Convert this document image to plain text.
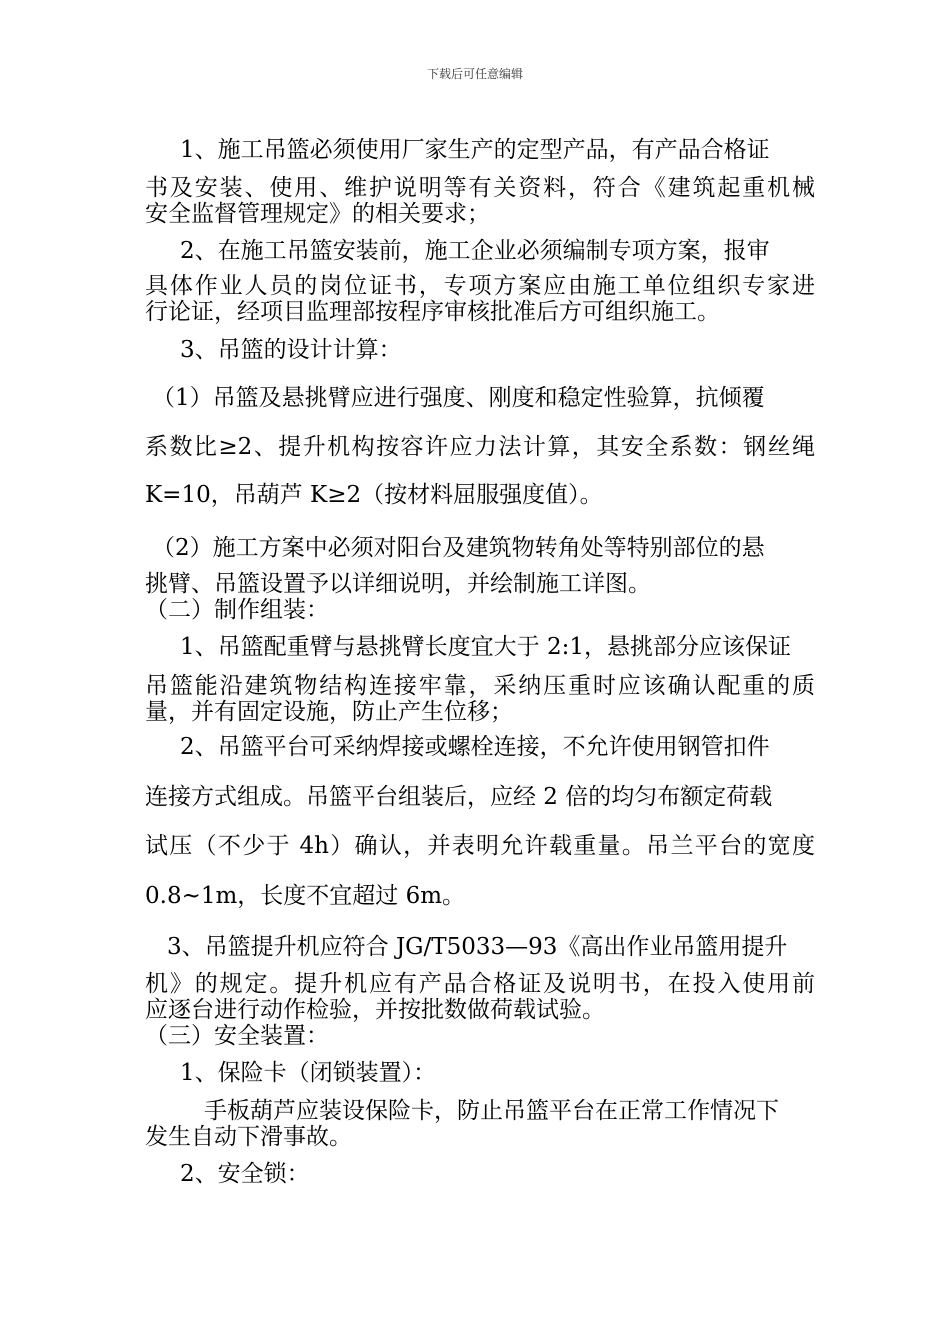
下载后可任意编辑
1、施工吊篮必须使用厂家生产的定型产品，有产品合格证
书及安装、使用、维护说明等有关资料，符合《建筑起重机械
安全监督管理规定》的相关要求；
2、在施工吊篮安装前，施工企业必须编制专项方案，报审
具体作业人员的岗位证书，专项方案应由施工单位组织专家进
行论证，经项目监理部按程序审核批准后方可组织施工。
3、吊篮的设计计算：
（1）吊篮及悬挑臂应进行强度、刚度和稳定性验算，抗倾覆
系数比≥2、提升机构按容许应力法计算，其安全系数：钢丝绳
K=10，吊葫芦 K≥2（按材料屈服强度值）。
（2）施工方案中必须对阳台及建筑物转角处等特别部位的悬
挑臂、吊篮设置予以详细说明，并绘制施工详图。
（二）制作组装：
1、吊篮配重臂与悬挑臂长度宜大于 2:1，悬挑部分应该保证
吊篮能沿建筑物结构连接牢靠，采纳压重时应该确认配重的质
量，并有固定设施，防止产生位移；
2、吊篮平台可采纳焊接或螺栓连接，不允许使用钢管扣件
连接方式组成。吊篮平台组装后，应经 2 倍的均匀布额定荷载
试压（不少于 4h）确认，并表明允许载重量。吊兰平台的宽度
0.8~1m，长度不宜超过 6m。
3、吊篮提升机应符合 JG/T5033—93《高出作业吊篮用提升
机》的规定。提升机应有产品合格证及说明书，在投入使用前
应逐台进行动作检验，并按批数做荷载试验。
（三）安全装置：
1、保险卡（闭锁装置）：
手板葫芦应装设保险卡，防止吊篮平台在正常工作情况下
发生自动下滑事故。
2、安全锁：
